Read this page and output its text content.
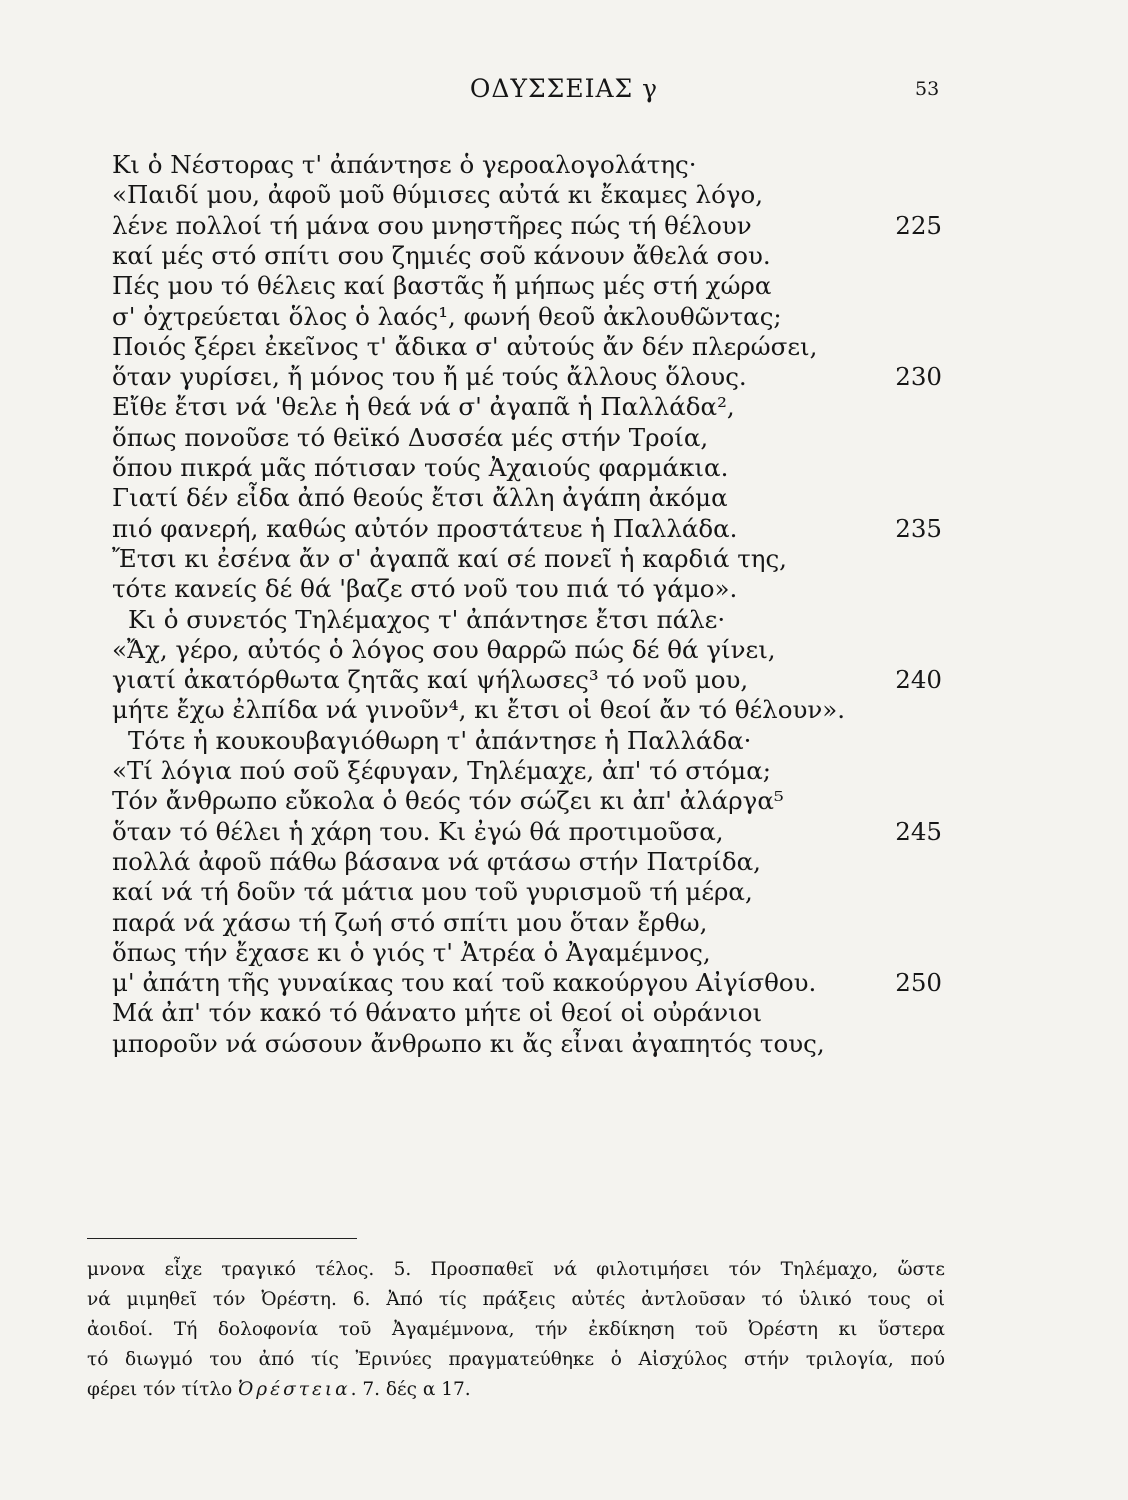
ΟΔΥΣΣΕΙΑΣ γ	53
Κι ὁ Νέστορας τ' ἀπάντησε ὁ γεροαλογολάτης·
«Παιδί μου, ἀφοῦ μοῦ θύμισες αὐτά κι ἔκαμες λόγο,
λένε πολλοί τή μάνα σου μνηστῆρες πώς τή θέλουν	225
καί μές στό σπίτι σου ζημιές σοῦ κάνουν ἄθελά σου.
Πές μου τό θέλεις καί βαστᾶς ἤ μήπως μές στή χώρα
σ' ὀχτρεύεται ὅλος ὁ λαός¹, φωνή θεοῦ ἀκλουθῶντας;
Ποιός ξέρει ἐκεῖνος τ' ἄδικα σ' αὐτούς ἄν δέν πλερώσει,
ὅταν γυρίσει, ἤ μόνος του ἤ μέ τούς ἄλλους ὅλους.	230
Εἴθε ἔτσι νά 'θελε ἡ θεά νά σ' ἀγαπᾶ ἡ Παλλάδα²,
ὅπως πονοῦσε τό θεϊκό Δυσσέα μές στήν Τροία,
ὅπου πικρά μᾶς πότισαν τούς Ἀχαιούς φαρμάκια.
Γιατί δέν εἶδα ἀπό θεούς ἔτσι ἄλλη ἀγάπη ἀκόμα
πιό φανερή, καθώς αὐτόν προστάτευε ἡ Παλλάδα.	235
Ἔτσι κι ἐσένα ἄν σ' ἀγαπᾶ καί σέ πονεῖ ἡ καρδιά της,
τότε κανείς δέ θά 'βαζε στό νοῦ του πιά τό γάμο».
Κι ὁ συνετός Τηλέμαχος τ' ἀπάντησε ἔτσι πάλε·
«Ἄχ, γέρο, αὐτός ὁ λόγος σου θαρρῶ πώς δέ θά γίνει,
γιατί ἀκατόρθωτα ζητᾶς καί ψήλωσες³ τό νοῦ μου,	240
μήτε ἔχω ἐλπίδα νά γινοῦν⁴, κι ἔτσι οἱ θεοί ἄν τό θέλουν».
Τότε ἡ κουκουβαγιόθωρη τ' ἀπάντησε ἡ Παλλάδα·
«Τί λόγια πού σοῦ ξέφυγαν, Τηλέμαχε, ἀπ' τό στόμα;
Τόν ἄνθρωπο εὔκολα ὁ θεός τόν σώζει κι ἀπ' ἀλάργα⁵
ὅταν τό θέλει ἡ χάρη του. Κι ἐγώ θά προτιμοῦσα,	245
πολλά ἀφοῦ πάθω βάσανα νά φτάσω στήν Πατρίδα,
καί νά τή δοῦν τά μάτια μου τοῦ γυρισμοῦ τή μέρα,
παρά νά χάσω τή ζωή στό σπίτι μου ὅταν ἔρθω,
ὅπως τήν ἔχασε κι ὁ γιός τ' Ἀτρέα ὁ Ἀγαμέμνος,
μ' ἀπάτη τῆς γυναίκας του καί τοῦ κακούργου Αἰγίσθου.	250
Μά ἀπ' τόν κακό τό θάνατο μήτε οἱ θεοί οἱ οὐράνιοι
μποροῦν νά σώσουν ἄνθρωπο κι ἄς εἶναι ἀγαπητός τους,
μνονα εἶχε τραγικό τέλος. 5. Προσπαθεῖ νά φιλοτιμήσει τόν Τηλέμαχο, ὥστε
νά μιμηθεῖ τόν Ὀρέστη. 6. Ἀπό τίς πράξεις αὐτές ἀντλοῦσαν τό ὑλικό τους οἱ
ἀοιδοί. Τή δολοφονία τοῦ Ἀγαμέμνονα, τήν ἐκδίκηση τοῦ Ὀρέστη κι ὕστερα
τό διωγμό του ἀπό τίς Ἐρινύες πραγματεύθηκε ὁ Αἰσχύλος στήν τριλογία, πού
φέρει τόν τίτλο Ὀρέστεια. 7. δές α 17.
